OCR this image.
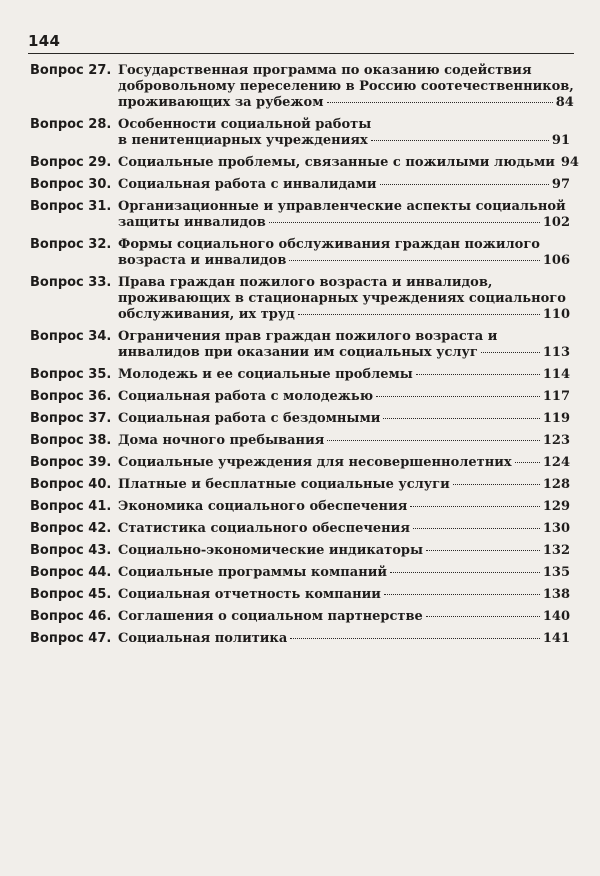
144
Вопрос 27. Государственная программа по оказанию содействия
добровольному переселению в Россию соотечественников,
проживающих за рубежом	84
Вопрос 28. Особенности социальной работы
в пенитенциарных учреждениях	91
Вопрос 29. Социальные проблемы, связанные с пожилыми людьми 94
Вопрос 30. Социальная работа с инвалидами	97
Вопрос 31. Организационные и управленческие аспекты социальной
защиты инвалидов	102
Вопрос 32. Формы социального обслуживания граждан пожилого
возраста и инвалидов	106
Вопрос 33. Права граждан пожилого возраста и инвалидов,
проживающих в стационарных учреждениях социального
обслуживания, их труд	110
Вопрос 34. Ограничения прав граждан пожилого возраста и
инвалидов при оказании им социальных услуг	113
Вопрос 35. Молодежь и ее социальные проблемы	114
Вопрос 36. Социальная работа с молодежью	117
Вопрос 37. Социальная работа с бездомными	119
Вопрос 38. Дома ночного пребывания	123
Вопрос 39. Социальные учреждения для несовершеннолетних 124
Вопрос 40. Платные и бесплатные социальные услуги	128
Вопрос 41. Экономика социального обеспечения	129
Вопрос 42. Статистика социального обеспечения	130
Вопрос 43. Социально-экономические индикаторы	132
Вопрос 44. Социальные программы компаний	135
Вопрос 45. Социальная отчетность компании	138
Вопрос 46. Соглашения о социальном партнерстве	140
Вопрос 47. Социальная политика	141
